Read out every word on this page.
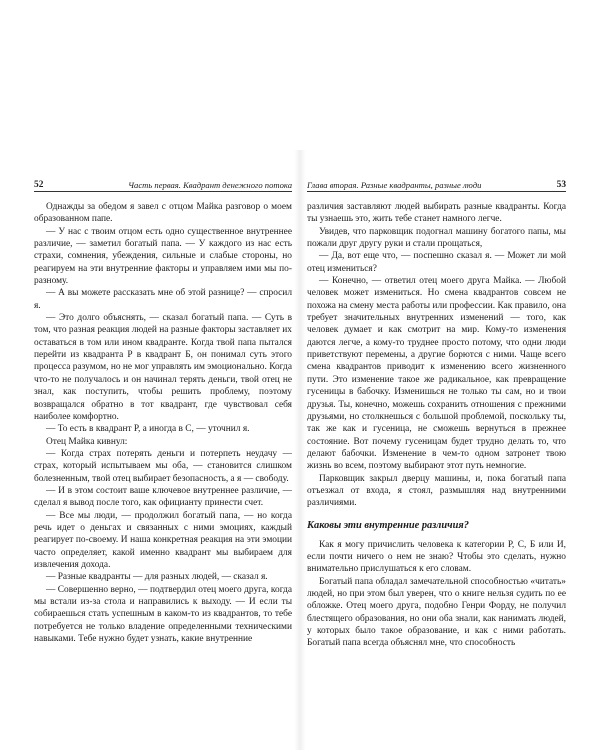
52	Часть первая. Квадрант денежного потока

Однажды за обедом я завел с отцом Майка разговор о моем образованном папе.

— У нас с твоим отцом есть одно существенное внутреннее различие, — заметил богатый папа. — У каждого из нас есть страхи, сомнения, убеждения, сильные и слабые стороны, но реагируем на эти внутренние факторы и управляем ими мы по-разному.

— А вы можете рассказать мне об этой разнице? — спросил я.

— Это долго объяснять, — сказал богатый папа. — Суть в том, что разная реакция людей на разные факторы заставляет их оставаться в том или ином квадранте. Когда твой папа пытался перейти из квадранта Р в квадрант Б, он понимал суть этого процесса разумом, но не мог управлять им эмоционально. Когда что-то не получалось и он начинал терять деньги, твой отец не знал, как поступить, чтобы решить проблему, поэтому возвращался обратно в тот квадрант, где чувствовал себя наиболее комфортно.

— То есть в квадрант Р, а иногда в С, — уточнил я.

Отец Майка кивнул:

— Когда страх потерять деньги и потерпеть неудачу — страх, который испытываем мы оба, — становится слишком болезненным, твой отец выбирает безопасность, а я — свободу.

— И в этом состоит ваше ключевое внутреннее различие, — сделал я вывод после того, как официанту принести счет.

— Все мы люди, — продолжил богатый папа, — но когда речь идет о деньгах и связанных с ними эмоциях, каждый реагирует по-своему. И наша конкретная реакция на эти эмоции часто определяет, какой именно квадрант мы выбираем для извлечения дохода.

— Разные квадранты — для разных людей, — сказал я.

— Совершенно верно, — подтвердил отец моего друга, когда мы встали из-за стола и направились к выходу. — И если ты собираешься стать успешным в каком-то из квадрантов, то тебе потребуется не только владение определенными техническими навыками. Тебе нужно будет узнать, какие внутренние

Глава вторая. Разные квадранты, разные люди	53

различия заставляют людей выбирать разные квадранты. Когда ты узнаешь это, жить тебе станет намного легче.

Увидев, что парковщик подогнал машину богатого папы, мы пожали друг другу руки и стали прощаться,

— Да, вот еще что, — поспешно сказал я. — Может ли мой отец измениться?

— Конечно, — ответил отец моего друга Майка. — Любой человек может измениться. Но смена квадрантов совсем не похожа на смену места работы или профессии. Как правило, она требует значительных внутренних изменений — того, как человек думает и как смотрит на мир. Кому-то изменения даются легче, а кому-то труднее просто потому, что одни люди приветствуют перемены, а другие борются с ними. Чаще всего смена квадрантов приводит к изменению всего жизненного пути. Это изменение такое же радикальное, как превращение гусеницы в бабочку. Изменишься не только ты сам, но и твои друзья. Ты, конечно, можешь сохранить отношения с прежними друзьями, но столкнешься с большой проблемой, поскольку ты, так же как и гусеница, не сможешь вернуться в прежнее состояние. Вот почему гусеницам будет трудно делать то, что делают бабочки. Изменение в чем-то одном затронет твою жизнь во всем, поэтому выбирают этот путь немногие.

Парковщик закрыл дверцу машины, и, пока богатый папа отъезжал от входа, я стоял, размышляя над внутренними различиями.

Каковы эти внутренние различия?

Как я могу причислить человека к категории Р, С, Б или И, если почти ничего о нем не знаю? Чтобы это сделать, нужно внимательно прислушаться к его словам.

Богатый папа обладал замечательной способностью «читать» людей, но при этом был уверен, что о книге нельзя судить по ее обложке. Отец моего друга, подобно Генри Форду, не получил блестящего образования, но они оба знали, как нанимать людей, у которых было такое образование, и как с ними работать. Богатый папа всегда объяснял мне, что способность
